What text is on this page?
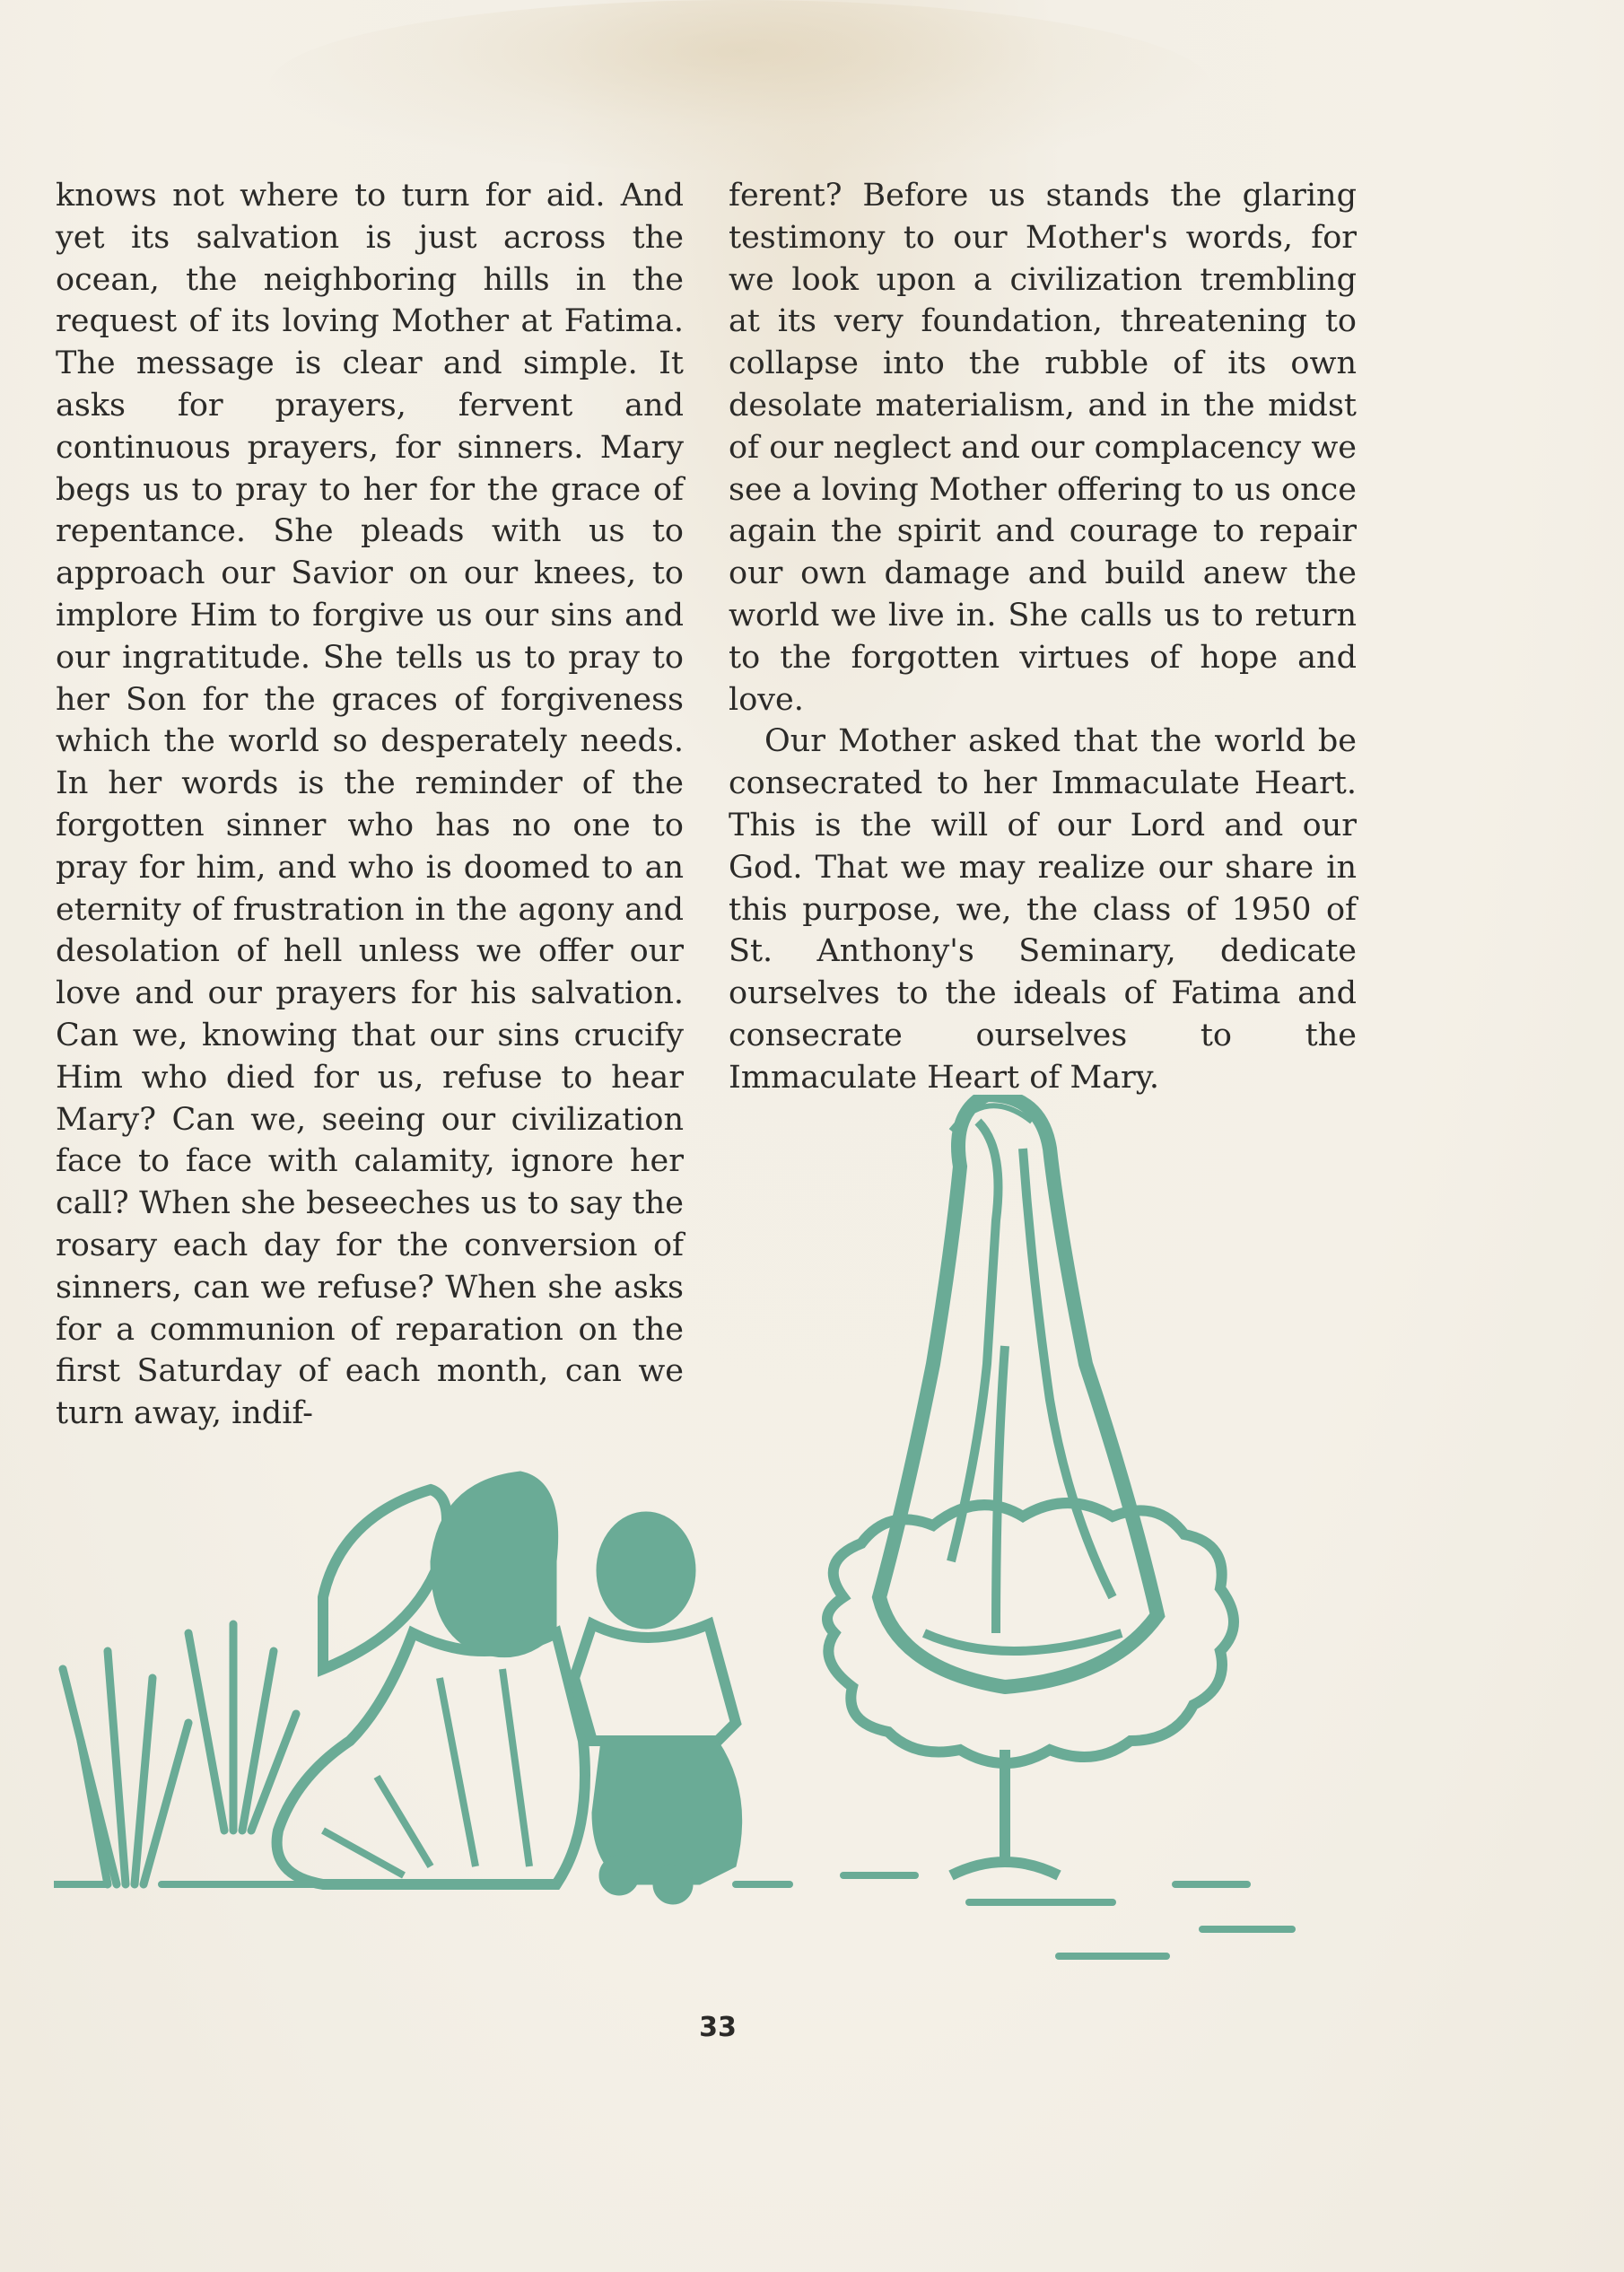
knows not where to turn for aid. And yet its salvation is just across the ocean, the neighboring hills in the request of its loving Mother at Fatima. The message is clear and simple. It asks for prayers, fervent and continuous prayers, for sinners. Mary begs us to pray to her for the grace of repentance. She pleads with us to approach our Savior on our knees, to implore Him to forgive us our sins and our ingratitude. She tells us to pray to her Son for the graces of forgiveness which the world so desperately needs. In her words is the reminder of the forgotten sinner who has no one to pray for him, and who is doomed to an eternity of frustration in the agony and desolation of hell unless we offer our love and our prayers for his salvation. Can we, knowing that our sins crucify Him who died for us, refuse to hear Mary? Can we, seeing our civilization face to face with calamity, ignore her call? When she beseeches us to say the rosary each day for the conversion of sinners, can we refuse? When she asks for a communion of reparation on the first Saturday of each month, can we turn away, indif-

ferent? Before us stands the glaring testimony to our Mother's words, for we look upon a civilization trembling at its very foundation, threatening to collapse into the rubble of its own desolate materialism, and in the midst of our neglect and our complacency we see a loving Mother offering to us once again the spirit and courage to repair our own damage and build anew the world we live in. She calls us to return to the forgotten virtues of hope and love.

Our Mother asked that the world be consecrated to her Immaculate Heart. This is the will of our Lord and our God. That we may realize our share in this purpose, we, the class of 1950 of St. Anthony's Seminary, dedicate ourselves to the ideals of Fatima and consecrate ourselves to the Immaculate Heart of Mary.

33
